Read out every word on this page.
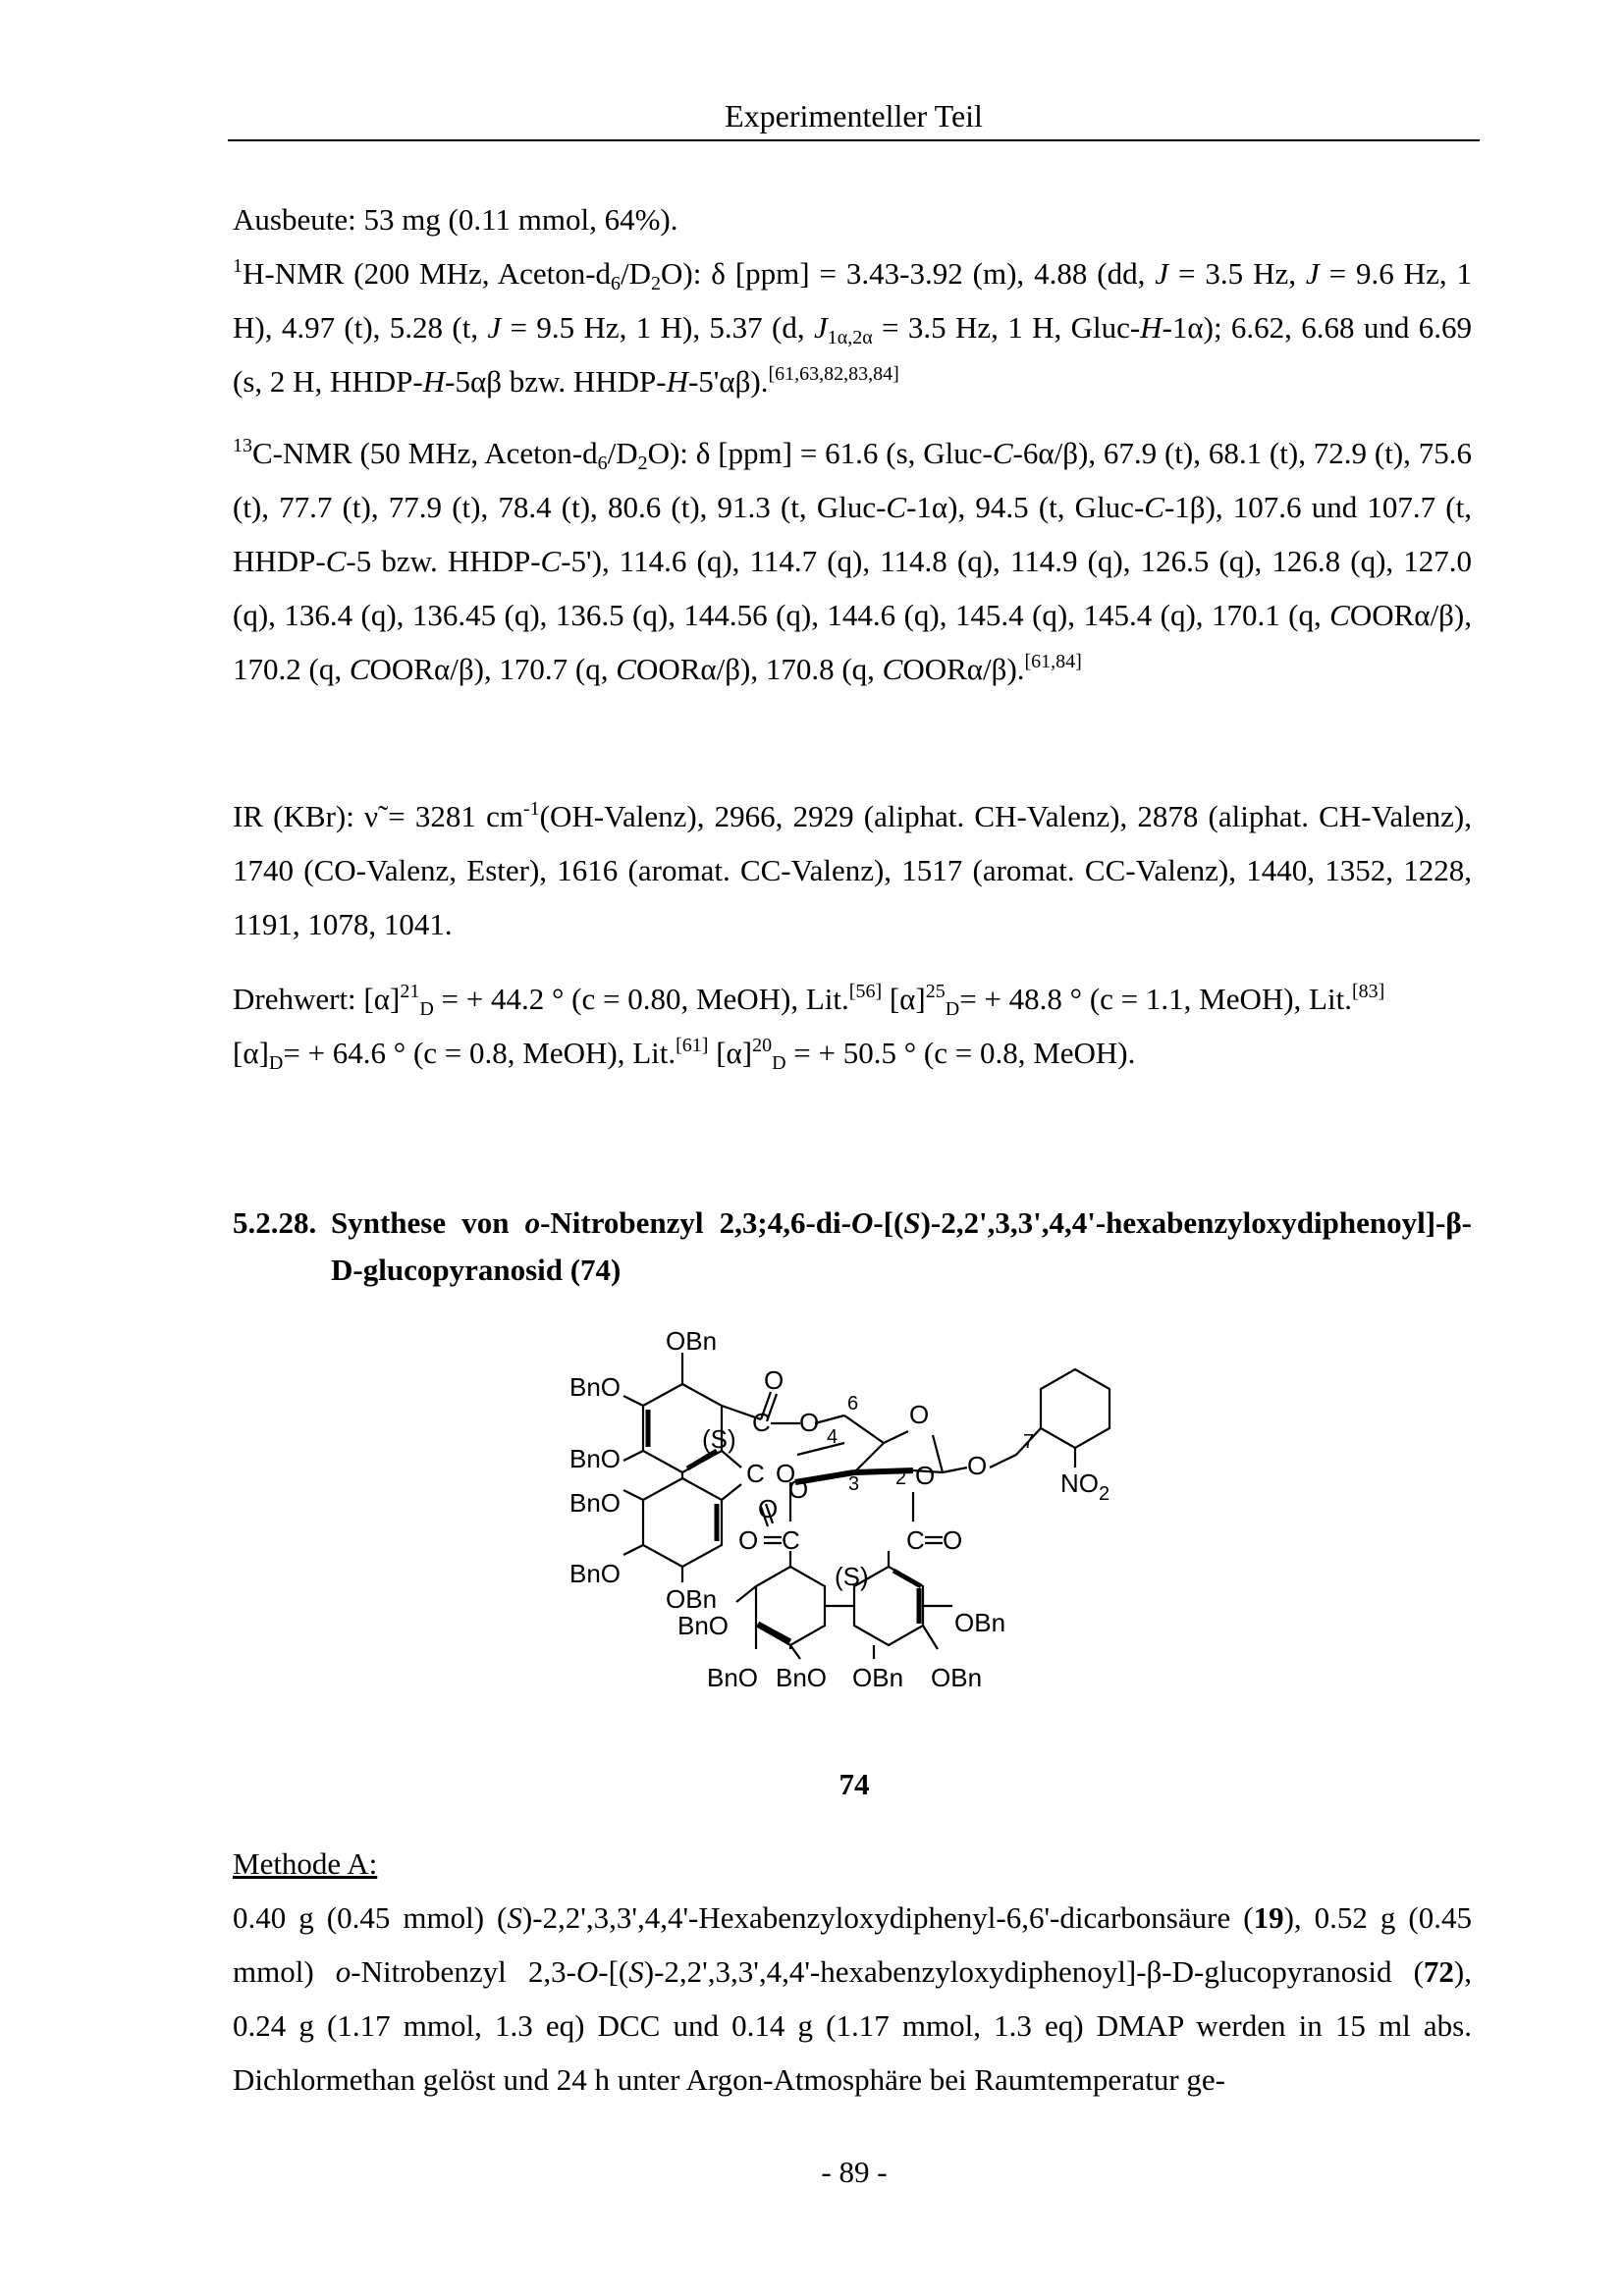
Experimenteller Teil

Ausbeute: 53 mg (0.11 mmol, 64%).

$^1$H-NMR (200 MHz, Aceton-$d_6/D_2O$): δ [ppm] = 3.43-3.92 (m), 4.88 (dd, J = 3.5 Hz, J = 9.6 Hz, 1 H), 4.97 (t), 5.28 (t, J = 9.5 Hz, 1 H), 5.37 (d, $J_{1\alpha,2\alpha} = 3.5$ Hz, 1 H, Gluc-H-1α); 6.62, 6.68 und 6.69 (s, 2 H, HHDP-H-5αβ bzw. HHDP-H-5'αβ).[61,63,82,83,84]

$^{13}$C-NMR (50 MHz, Aceton-$d_6/D_2O$): δ [ppm] = 61.6 (s, Gluc-C-6α/β), 67.9 (t), 68.1 (t), 72.9 (t), 75.6 (t), 77.7 (t), 77.9 (t), 78.4 (t), 80.6 (t), 91.3 (t, Gluc-C-1α), 94.5 (t, Gluc-C-1β), 107.6 und 107.7 (t, HHDP-C-5 bzw. HHDP-C-5'), 114.6 (q), 114.7 (q), 114.8 (q), 114.9 (q), 126.5 (q), 126.8 (q), 127.0 (q), 136.4 (q), 136.45 (q), 136.5 (q), 144.56 (q), 144.6 (q), 145.4 (q), 145.4 (q), 170.1 (q, COORα/β), 170.2 (q, COORα/β), 170.7 (q, COORα/β), 170.8 (q, COORα/β).[61,84]

IR (KBr): ν̃ = 3281 $cm^{-1}(OH-Valenz)$, 2966, 2929 (aliphat. CH-Valenz), 2878 (aliphat. CH-Valenz), 1740 (CO-Valenz, Ester), 1616 (aromat. CC-Valenz), 1517 (aromat. CC-Valenz), 1440, 1352, 1228, 1191, 1078, 1041.

Drehwert: $[\alpha]^{21}_D$ = + 44.2 ° (c = 0.80, MeOH), Lit.[56] $[\alpha]^{25}_D= + 48.8$ ° (c = 1.1, MeOH), Lit.[83]
$[\alpha]_D= + 64.6$ ° (c = 0.8, MeOH), Lit.[61] $[\alpha]^{20}_D$ = + 50.5 ° (c = 0.8, MeOH).

5.2.28. Synthese von o-Nitrobenzyl 2,3;4,6-di-O-[(S)-2,2',3,3',4,4'-hexabenzyloxydiphenoyl]-β-D-glucopyranosid (74)
OBn
BnO
BnO
BnO
BnO
OBn
BnO
BnO BnO OBn OBn
OBn
O
C O
C O
O
O
O C	C O
O
O
O
NO 2
(S)
(S)
6
4
3 2
7

74

Methode A:

0.40 g (0.45 mmol) (S)-2,2',3,3',4,4'-Hexabenzyloxydiphenyl-6,6'-dicarbonsäure (19), 0.52 g (0.45 mmol) o-Nitrobenzyl 2,3-O-[(S)-2,2',3,3',4,4'-hexabenzyloxydiphenoyl]-β-D-glucopyranosid (72), 0.24 g (1.17 mmol, 1.3 eq) DCC und 0.14 g (1.17 mmol, 1.3 eq) DMAP werden in 15 ml abs. Dichlormethan gelöst und 24 h unter Argon-Atmosphäre bei Raumtemperatur ge-

- 89 -
